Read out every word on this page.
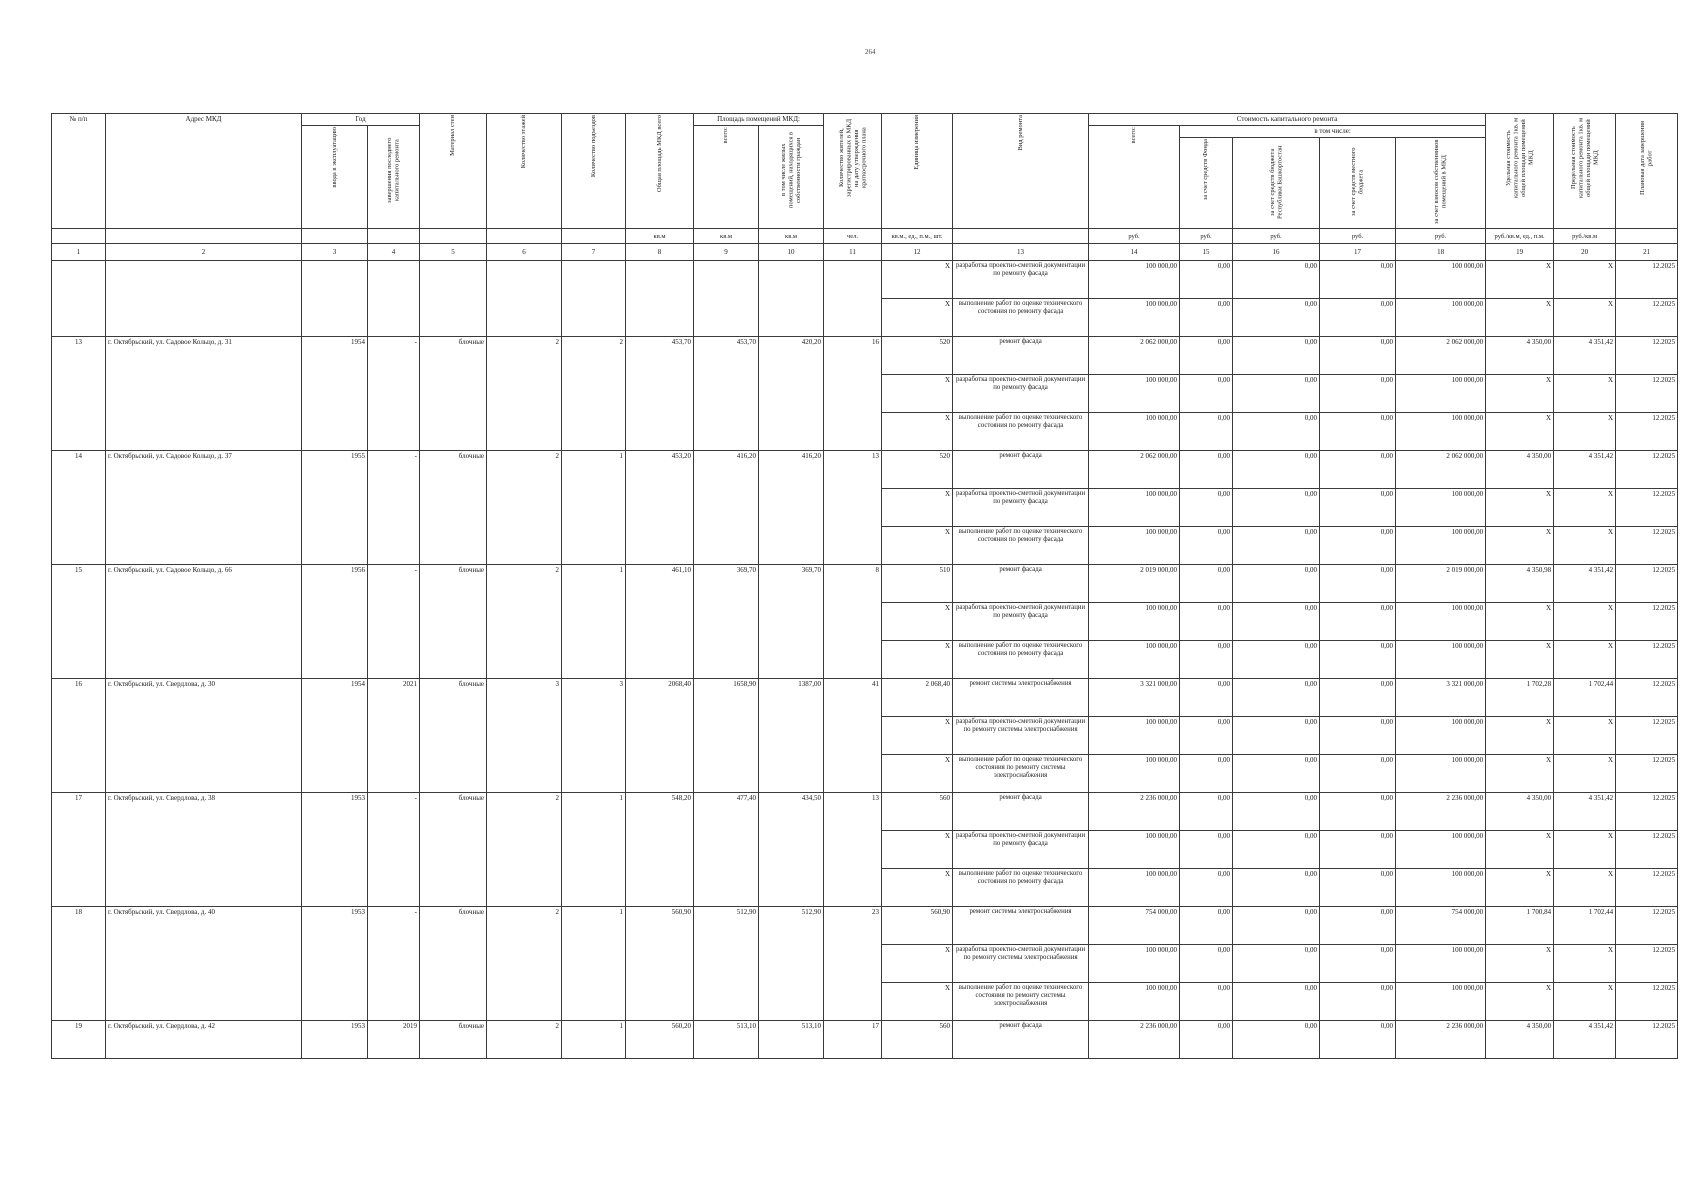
264
№ п/п	Адрес МКД	Год		Материал стен	Количество этажей	Количество подъездов	Общая площадь МКД всего	Площадь помещений МКД:		Количество жителей, зарегистрированных в МКД на дату утверждения краткосрочного плана	Единица измерения	Вид ремонта	Стоимость капитального ремонта					Удельная стоимость капитального ремонта 1кв. м общей площади помещений МКД	Предельная стоимость капитального ремонта 1кв. м общей площади помещений МКД	Плановая дата завершения работ

		ввода в эксплуатацию	завершения последнего капитального ремонта					всего:	в том числе жилых помещений, находящихся в собственности граждан				всего:	в том числе:						

														за счет средств Фонда	за счет средств бюджета Республики Башкортостан	за счет средств местного бюджета	за счет взносов собственников помещений в МКД			

							кв.м	кв.м	кв.м	чел.	кв.м., ед., п.м., шт.		руб.	руб.	руб.	руб.	руб.	руб./кв.м, ед., п.м.	руб./кв.м	
1	2	3	4	5	6	7	8	9	10	11	12	13	14	15	16	17	18	19	20	21
											X	разработка проектно-сметной документации по ремонту фасада	100 000,00	0,00	0,00	0,00	100 000,00	X	X	12.2025
											X	выполнение работ по оценке технического состояния по ремонту фасада	100 000,00	0,00	0,00	0,00	100 000,00	X	X	12.2025
13	г. Октябрьский, ул. Садовое Кольцо, д. 31	1954	-	блочные	2	2	453,70	453,70	420,20	16	520	ремонт фасада	2 062 000,00	0,00	0,00	0,00	2 062 000,00	4 350,00	4 351,42	12.2025
											X	разработка проектно-сметной документации по ремонту фасада	100 000,00	0,00	0,00	0,00	100 000,00	X	X	12.2025
											X	выполнение работ по оценке технического состояния по ремонту фасада	100 000,00	0,00	0,00	0,00	100 000,00	X	X	12.2025
14	г. Октябрьский, ул. Садовое Кольцо, д. 37	1955	-	блочные	2	1	453,20	416,20	416,20	13	520	ремонт фасада	2 062 000,00	0,00	0,00	0,00	2 062 000,00	4 350,00	4 351,42	12.2025
											X	разработка проектно-сметной документации по ремонту фасада	100 000,00	0,00	0,00	0,00	100 000,00	X	X	12.2025
											X	выполнение работ по оценке технического состояния по ремонту фасада	100 000,00	0,00	0,00	0,00	100 000,00	X	X	12.2025
15	г. Октябрьский, ул. Садовое Кольцо, д. 66	1956	-	блочные	2	1	461,10	369,70	369,70	8	510	ремонт фасада	2 019 000,00	0,00	0,00	0,00	2 019 000,00	4 350,98	4 351,42	12.2025
											X	разработка проектно-сметной документации по ремонту фасада	100 000,00	0,00	0,00	0,00	100 000,00	X	X	12.2025
											X	выполнение работ по оценке технического состояния по ремонту фасада	100 000,00	0,00	0,00	0,00	100 000,00	X	X	12.2025
16	г. Октябрьский, ул. Свердлова, д. 30	1954	2021	блочные	3	3	2068,40	1658,90	1387,00	41	2 068,40	ремонт системы электроснабжения	3 321 000,00	0,00	0,00	0,00	3 321 000,00	1 702,28	1 702,44	12.2025
											X	разработка проектно-сметной документации по ремонту системы электроснабжения	100 000,00	0,00	0,00	0,00	100 000,00	X	X	12.2025
											X	выполнение работ по оценке технического состояния по ремонту системы электроснабжения	100 000,00	0,00	0,00	0,00	100 000,00	X	X	12.2025
17	г. Октябрьский, ул. Свердлова, д. 38	1953	-	блочные	2	1	548,20	477,40	434,50	13	560	ремонт фасада	2 236 000,00	0,00	0,00	0,00	2 236 000,00	4 350,00	4 351,42	12.2025
											X	разработка проектно-сметной документации по ремонту фасада	100 000,00	0,00	0,00	0,00	100 000,00	X	X	12.2025
											X	выполнение работ по оценке технического состояния по ремонту фасада	100 000,00	0,00	0,00	0,00	100 000,00	X	X	12.2025
18	г. Октябрьский, ул. Свердлова, д. 40	1953	-	блочные	2	1	560,90	512,90	512,90	23	560,90	ремонт системы электроснабжения	754 000,00	0,00	0,00	0,00	754 000,00	1 700,84	1 702,44	12.2025
											X	разработка проектно-сметной документации по ремонту системы электроснабжения	100 000,00	0,00	0,00	0,00	100 000,00	X	X	12.2025
											X	выполнение работ по оценке технического состояния по ремонту системы электроснабжения	100 000,00	0,00	0,00	0,00	100 000,00	X	X	12.2025
19	г. Октябрьский, ул. Свердлова, д. 42	1953	2019	блочные	2	1	560,20	513,10	513,10	17	560	ремонт фасада	2 236 000,00	0,00	0,00	0,00	2 236 000,00	4 350,00	4 351,42	12.2025
